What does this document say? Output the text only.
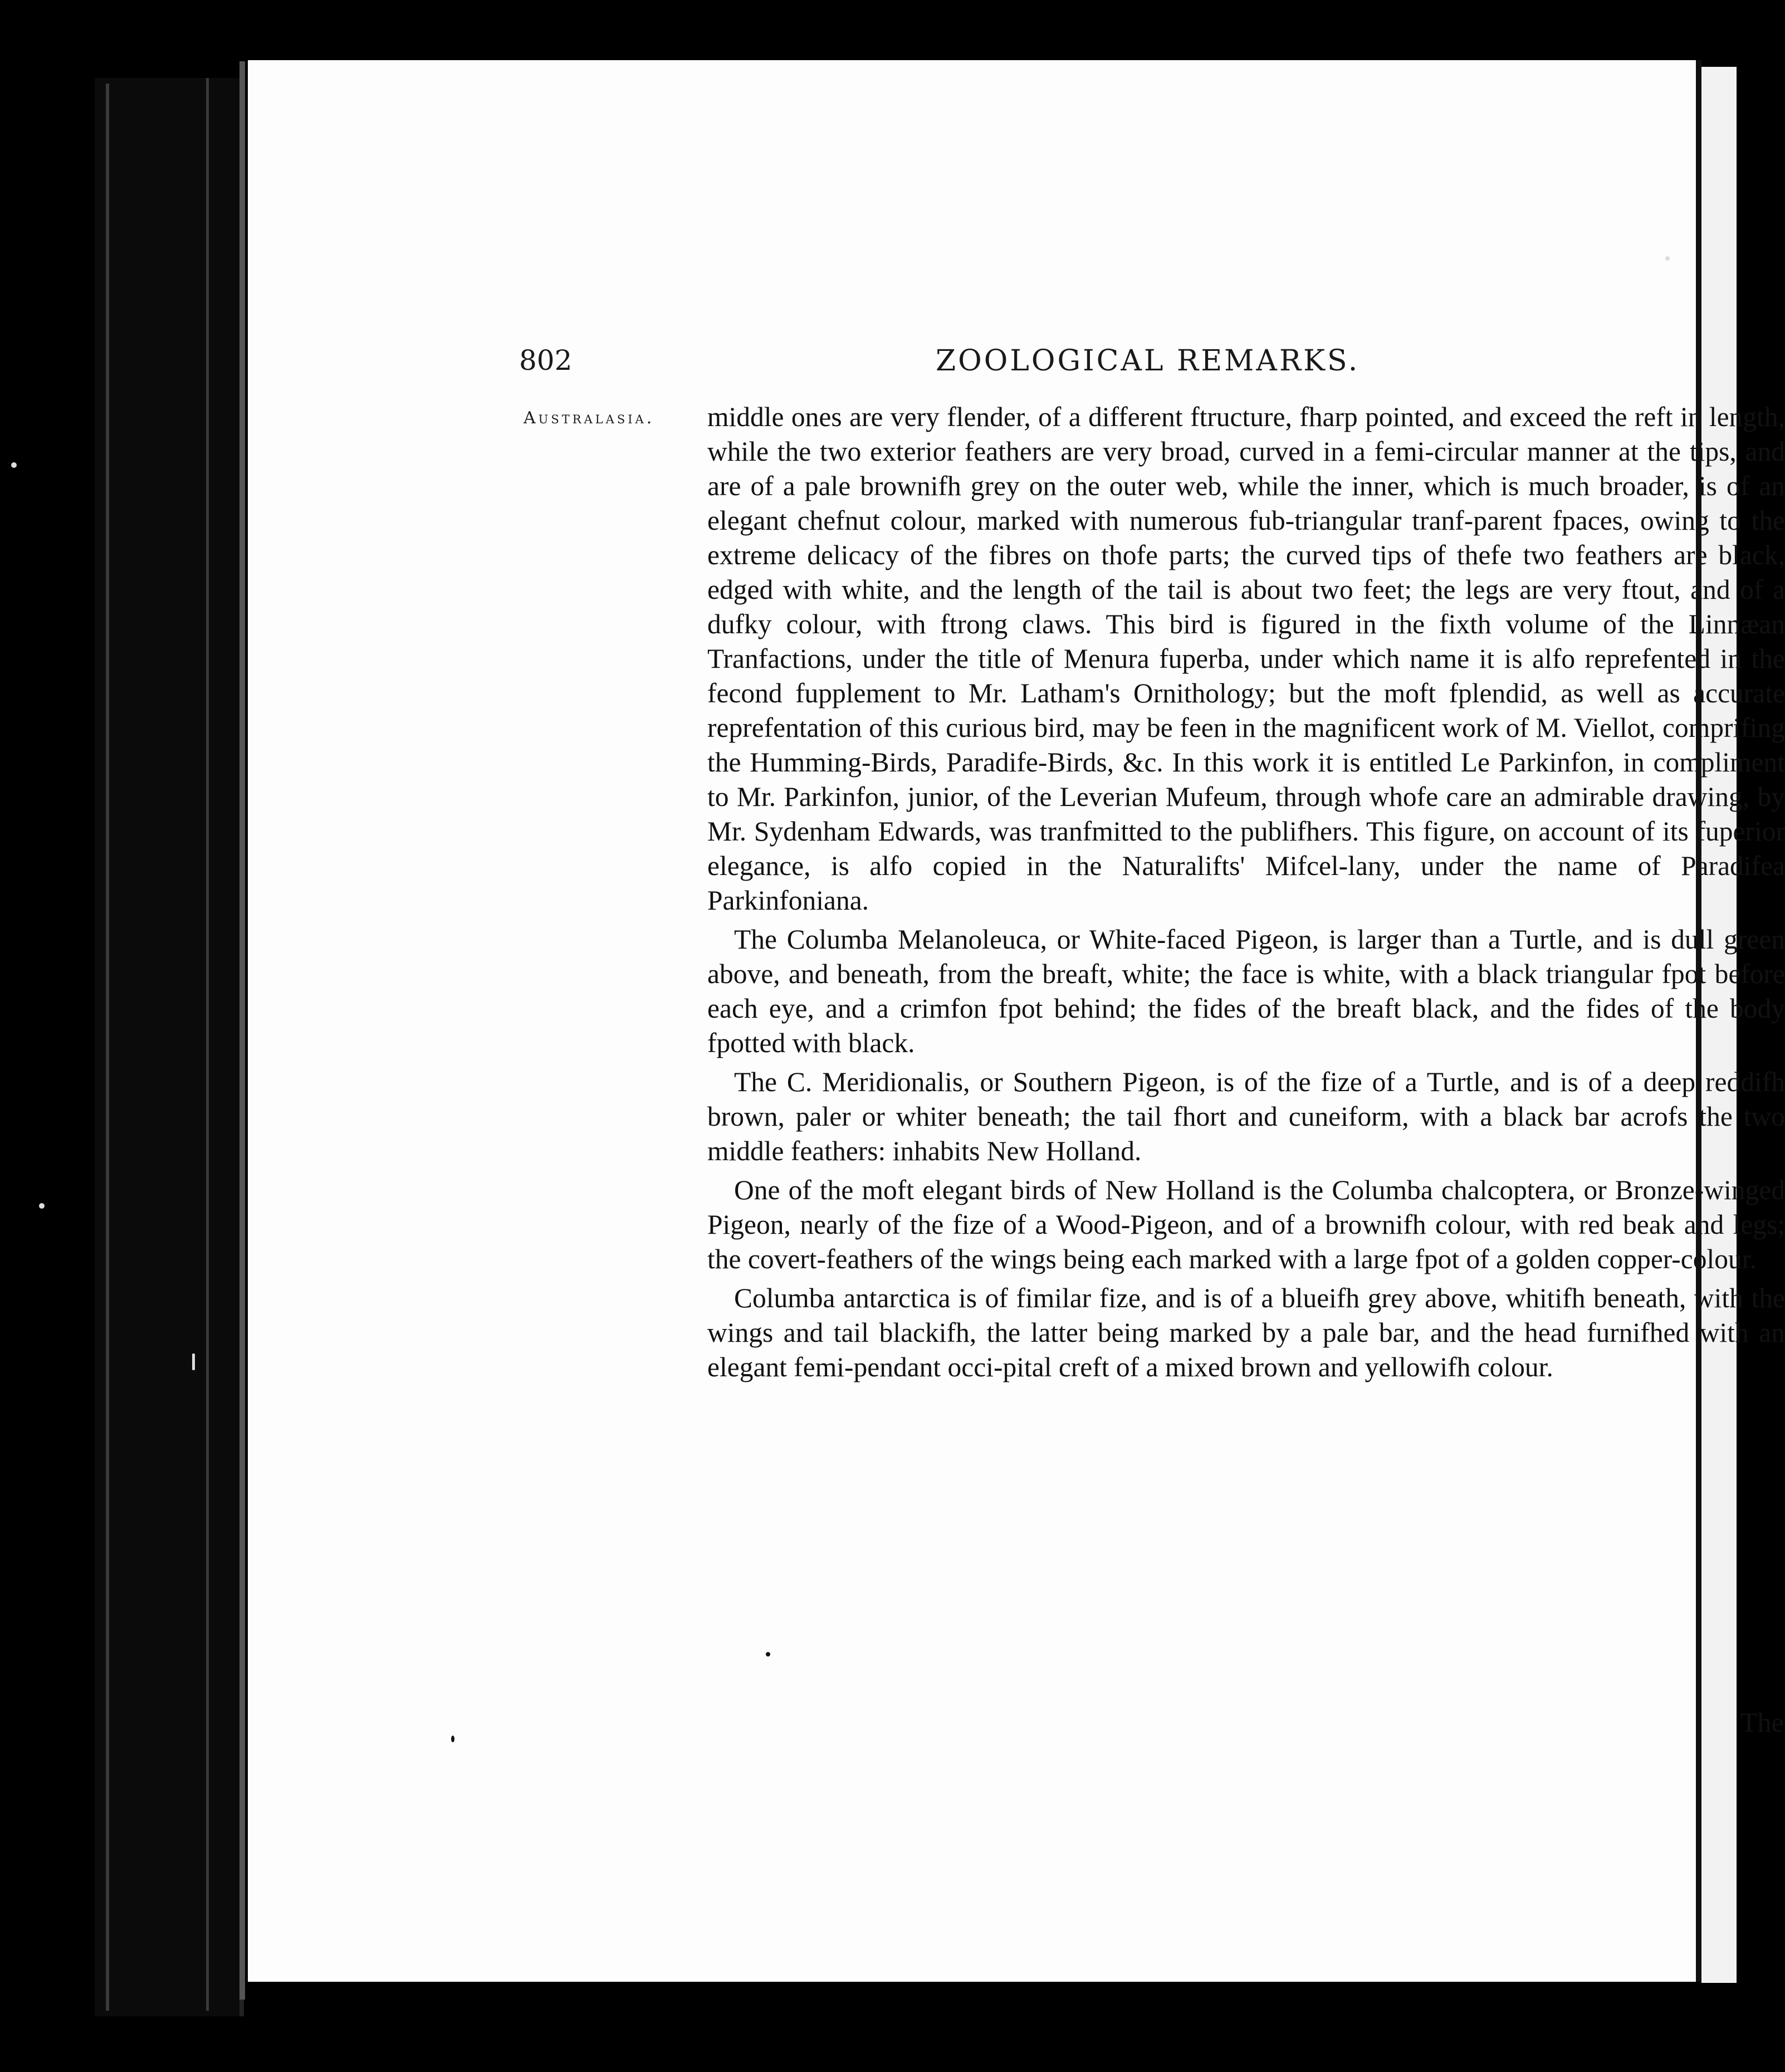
802	ZOOLOGICAL REMARKS.
Australasia. middle ones are very flender, of a different ftructure, fharp pointed, and exceed the reft in length, while the two exterior feathers are very broad, curved in a femi-circular manner at the tips, and are of a pale brownifh grey on the outer web, while the inner, which is much broader, is of an elegant chefnut colour, marked with numerous fub-triangular tranf-parent fpaces, owing to the extreme delicacy of the fibres on thofe parts; the curved tips of thefe two feathers are black, edged with white, and the length of the tail is about two feet; the legs are very ftout, and of a dufky colour, with ftrong claws. This bird is figured in the fixth volume of the Linnæan Tranfactions, under the title of Menura fuperba, under which name it is alfo reprefented in the fecond fupplement to Mr. Latham's Ornithology; but the moft fplendid, as well as accurate reprefentation of this curious bird, may be feen in the magnificent work of M. Viellot, comprifing the Humming-Birds, Paradife-Birds, &c. In this work it is entitled Le Parkinfon, in compliment to Mr. Parkinfon, junior, of the Leverian Mufeum, through whofe care an admirable drawing, by Mr. Sydenham Edwards, was tranfmitted to the publifhers. This figure, on account of its fuperior elegance, is alfo copied in the Naturalifts' Mifcel-lany, under the name of Paradifea Parkinfoniana.

The Columba Melanoleuca, or White-faced Pigeon, is larger than a Turtle, and is dull green above, and beneath, from the breaft, white; the face is white, with a black triangular fpot before each eye, and a crimfon fpot behind; the fides of the breaft black, and the fides of the body fpotted with black.

The C. Meridionalis, or Southern Pigeon, is of the fize of a Turtle, and is of a deep reddifh brown, paler or whiter beneath; the tail fhort and cuneiform, with a black bar acrofs the two middle feathers: inhabits New Holland.

One of the moft elegant birds of New Holland is the Columba chalcoptera, or Bronze-winged Pigeon, nearly of the fize of a Wood-Pigeon, and of a brownifh colour, with red beak and legs; the covert-feathers of the wings being each marked with a large fpot of a golden copper-colour.

Columba antarctica is of fimilar fize, and is of a blueifh grey above, whitifh beneath, with the wings and tail blackifh, the latter being marked by a pale bar, and the head furnifhed with an elegant femi-pendant occi-pital creft of a mixed brown and yellowifh colour.

The
